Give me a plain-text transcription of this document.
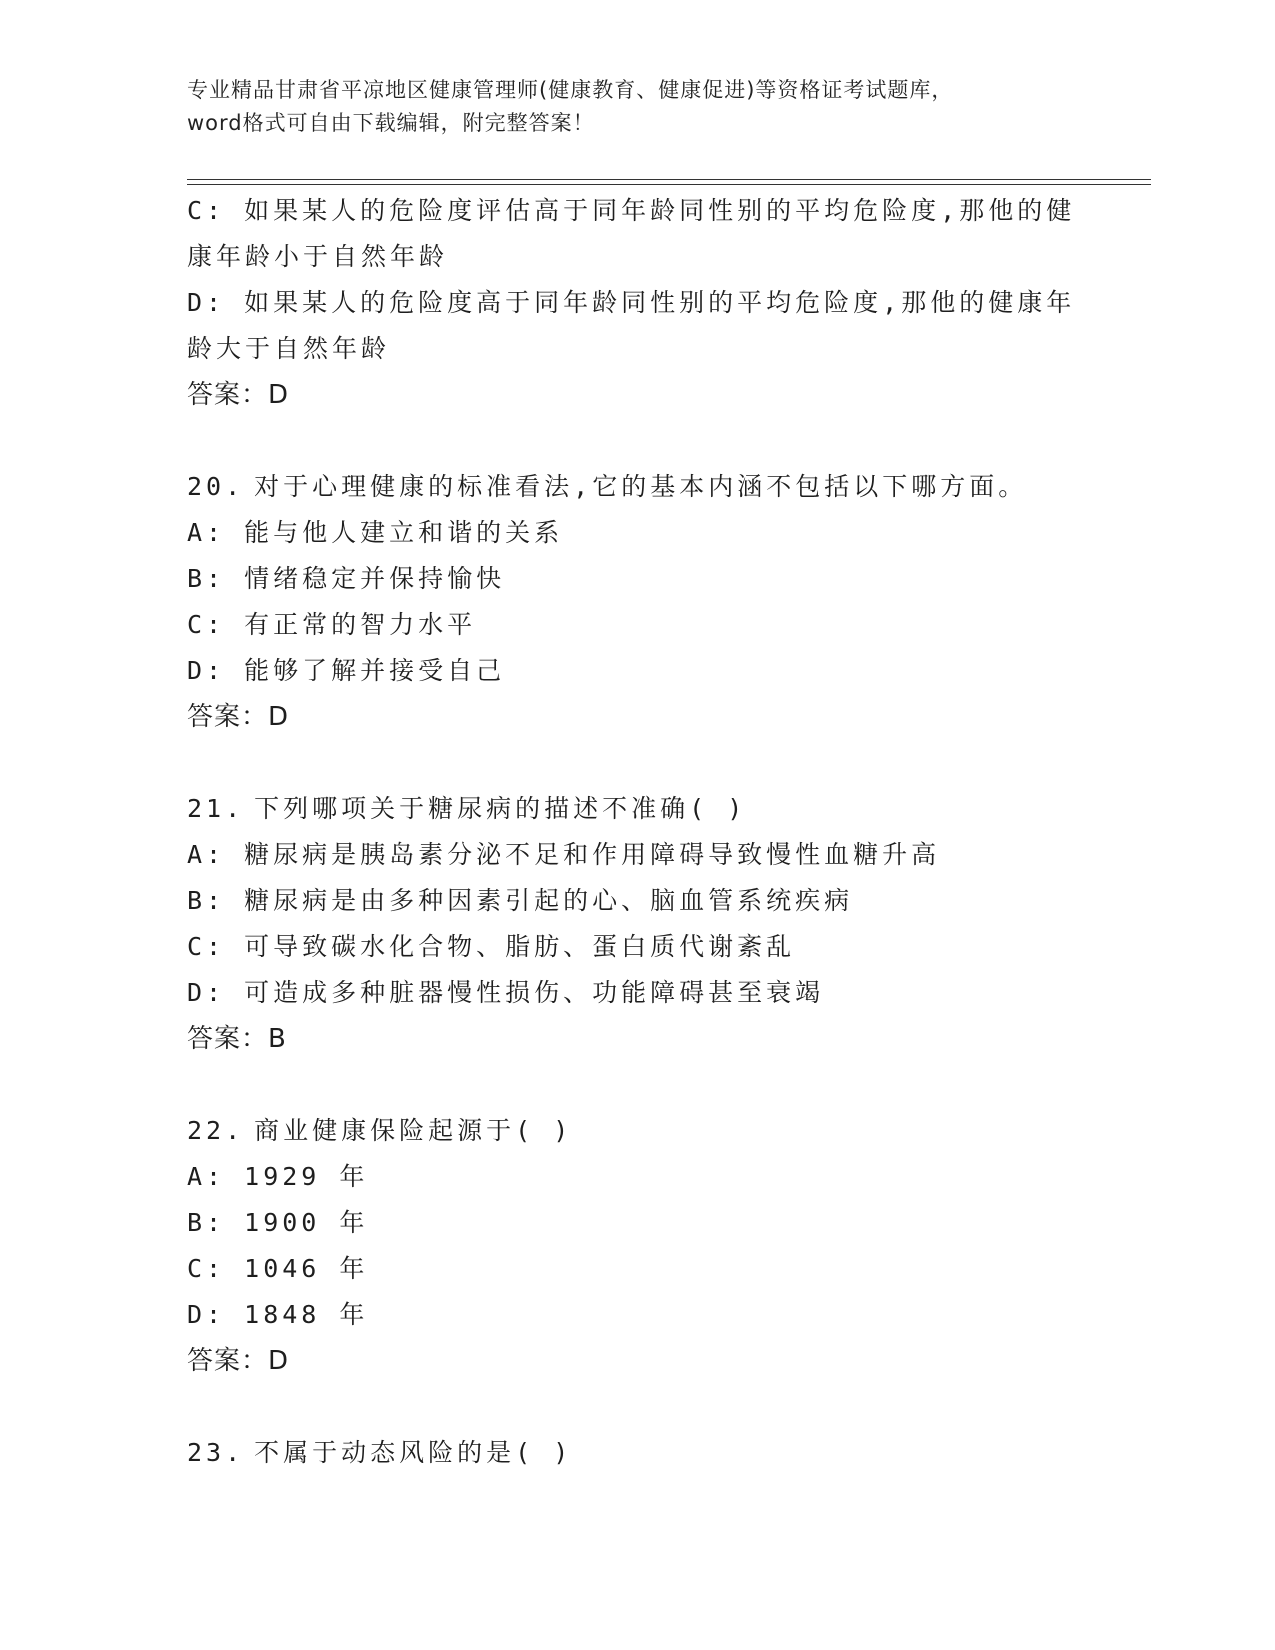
专业精品甘肃省平凉地区健康管理师(健康教育、健康促进)等资格证考试题库，
word格式可自由下载编辑，附完整答案！
C: 如果某人的危险度评估高于同年龄同性别的平均危险度,那他的健
康年龄小于自然年龄
D: 如果某人的危险度高于同年龄同性别的平均危险度,那他的健康年
龄大于自然年龄
答案：D
20. 对于心理健康的标准看法,它的基本内涵不包括以下哪方面。
A: 能与他人建立和谐的关系
B: 情绪稳定并保持愉快
C: 有正常的智力水平
D: 能够了解并接受自己
答案：D
21. 下列哪项关于糖尿病的描述不准确( )
A: 糖尿病是胰岛素分泌不足和作用障碍导致慢性血糖升高
B: 糖尿病是由多种因素引起的心、脑血管系统疾病
C: 可导致碳水化合物、脂肪、蛋白质代谢紊乱
D: 可造成多种脏器慢性损伤、功能障碍甚至衰竭
答案：B
22. 商业健康保险起源于( )
A: 1929 年
B: 1900 年
C: 1046 年
D: 1848 年
答案：D
23. 不属于动态风险的是( )
